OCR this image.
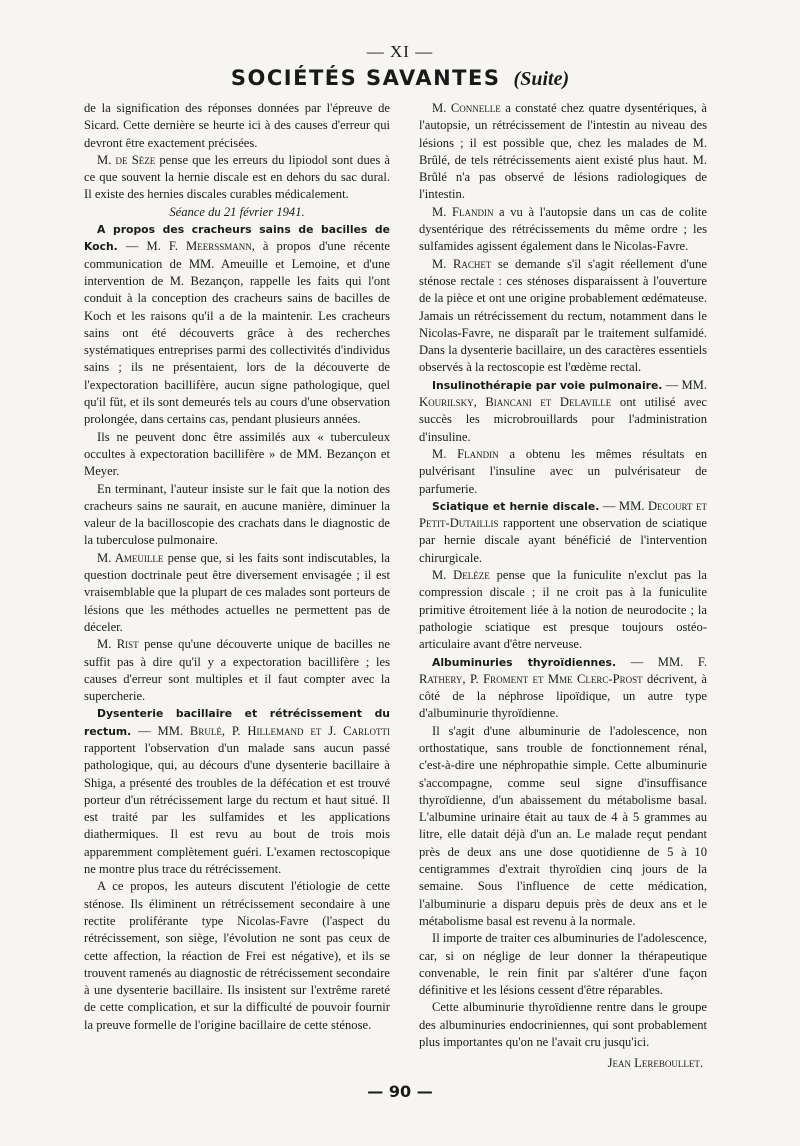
— XI —
SOCIÉTÉS SAVANTES (Suite)

de la signification des réponses données par l'épreuve de Sicard. Cette dernière se heurte ici à des causes d'erreur qui devront être exactement précisées.

M. de Sèze pense que les erreurs du lipiodol sont dues à ce que souvent la hernie discale est en dehors du sac dural. Il existe des hernies discales curables médicalement.

Séance du 21 février 1941.

A propos des cracheurs sains de bacilles de Koch. — M. F. Meerssmann, à propos d'une récente communication de MM. Ameuille et Lemoine, et d'une intervention de M. Bezançon, rappelle les faits qui l'ont conduit à la conception des cracheurs sains de bacilles de Koch et les raisons qu'il a de la maintenir. Les cracheurs sains ont été découverts grâce à des recherches systématiques entreprises parmi des collectivités d'individus sains ; ils ne présentaient, lors de la découverte de l'expectoration bacillifère, aucun signe pathologique, quel qu'il fût, et ils sont demeurés tels au cours d'une observation prolongée, dans certains cas, pendant plusieurs années.

Ils ne peuvent donc être assimilés aux « tuberculeux occultes à expectoration bacillifère » de MM. Bezançon et Meyer.

En terminant, l'auteur insiste sur le fait que la notion des cracheurs sains ne saurait, en aucune manière, diminuer la valeur de la bacilloscopie des crachats dans le diagnostic de la tuberculose pulmonaire.

M. Ameuille pense que, si les faits sont indiscutables, la question doctrinale peut être diversement envisagée ; il est vraisemblable que la plupart de ces malades sont porteurs de lésions que les méthodes actuelles ne permettent pas de déceler.

M. Rist pense qu'une découverte unique de bacilles ne suffit pas à dire qu'il y a expectoration bacillifère ; les causes d'erreur sont multiples et il faut compter avec la supercherie.

Dysenterie bacillaire et rétrécissement du rectum. — MM. Brulé, P. Hillemand et J. Carlotti rapportent l'observation d'un malade sans aucun passé pathologique, qui, au décours d'une dysenterie bacillaire à Shiga, a présenté des troubles de la défécation et est trouvé porteur d'un rétrécissement large du rectum et haut situé. Il est traité par les sulfamides et les applications diathermiques. Il est revu au bout de trois mois apparemment complètement guéri. L'examen rectoscopique ne montre plus trace du rétrécissement.

A ce propos, les auteurs discutent l'étiologie de cette sténose. Ils éliminent un rétrécissement secondaire à une rectite proliférante type Nicolas-Favre (l'aspect du rétrécissement, son siège, l'évolution ne sont pas ceux de cette affection, la réaction de Frei est négative), et ils se trouvent ramenés au diagnostic de rétrécissement secondaire à une dysenterie bacillaire. Ils insistent sur l'extrême rareté de cette complication, et sur la difficulté de pouvoir fournir la preuve formelle de l'origine bacillaire de cette sténose.

M. Connelle a constaté chez quatre dysentériques, à l'autopsie, un rétrécissement de l'intestin au niveau des lésions ; il est possible que, chez les malades de M. Brûlé, de tels rétrécissements aient existé plus haut. M. Brûlé n'a pas observé de lésions radiologiques de l'intestin.

M. Flandin a vu à l'autopsie dans un cas de colite dysentérique des rétrécissements du même ordre ; les sulfamides agissent également dans le Nicolas-Favre.

M. Rachet se demande s'il s'agit réellement d'une sténose rectale : ces sténoses disparaissent à l'ouverture de la pièce et ont une origine probablement œdémateuse. Jamais un rétrécissement du rectum, notamment dans le Nicolas-Favre, ne disparaît par le traitement sulfamidé. Dans la dysenterie bacillaire, un des caractères essentiels observés à la rectoscopie est l'œdème rectal.

Insulinothérapie par voie pulmonaire. — MM. Kourilsky, Biancani et Delaville ont utilisé avec succès les microbrouillards pour l'administration d'insuline.

M. Flandin a obtenu les mêmes résultats en pulvérisant l'insuline avec un pulvérisateur de parfumerie.

Sciatique et hernie discale. — MM. Decourt et Petit-Dutaillis rapportent une observation de sciatique par hernie discale ayant bénéficié de l'intervention chirurgicale.

M. Delèze pense que la funiculite n'exclut pas la compression discale ; il ne croit pas à la funiculite primitive étroitement liée à la notion de neurodocite ; la pathologie sciatique est presque toujours ostéo-articulaire avant d'être nerveuse.

Albuminuries thyroïdiennes. — MM. F. Rathery, P. Froment et Mme Clerc-Prost décrivent, à côté de la néphrose lipoïdique, un autre type d'albuminurie thyroïdienne.

Il s'agit d'une albuminurie de l'adolescence, non orthostatique, sans trouble de fonctionnement rénal, c'est-à-dire une néphropathie simple. Cette albuminurie s'accompagne, comme seul signe d'insuffisance thyroïdienne, d'un abaissement du métabolisme basal. L'albumine urinaire était au taux de 4 à 5 grammes au litre, elle datait déjà d'un an. Le malade reçut pendant près de deux ans une dose quotidienne de 5 à 10 centigrammes d'extrait thyroïdien cinq jours de la semaine. Sous l'influence de cette médication, l'albuminurie a disparu depuis près de deux ans et le métabolisme basal est revenu à la normale.

Il importe de traiter ces albuminuries de l'adolescence, car, si on néglige de leur donner la thérapeutique convenable, le rein finit par s'altérer d'une façon définitive et les lésions cessent d'être réparables.

Cette albuminurie thyroïdienne rentre dans le groupe des albuminuries endocriniennes, qui sont probablement plus importantes qu'on ne l'avait cru jusqu'ici.

Jean Lereboullet.

— 90 —
